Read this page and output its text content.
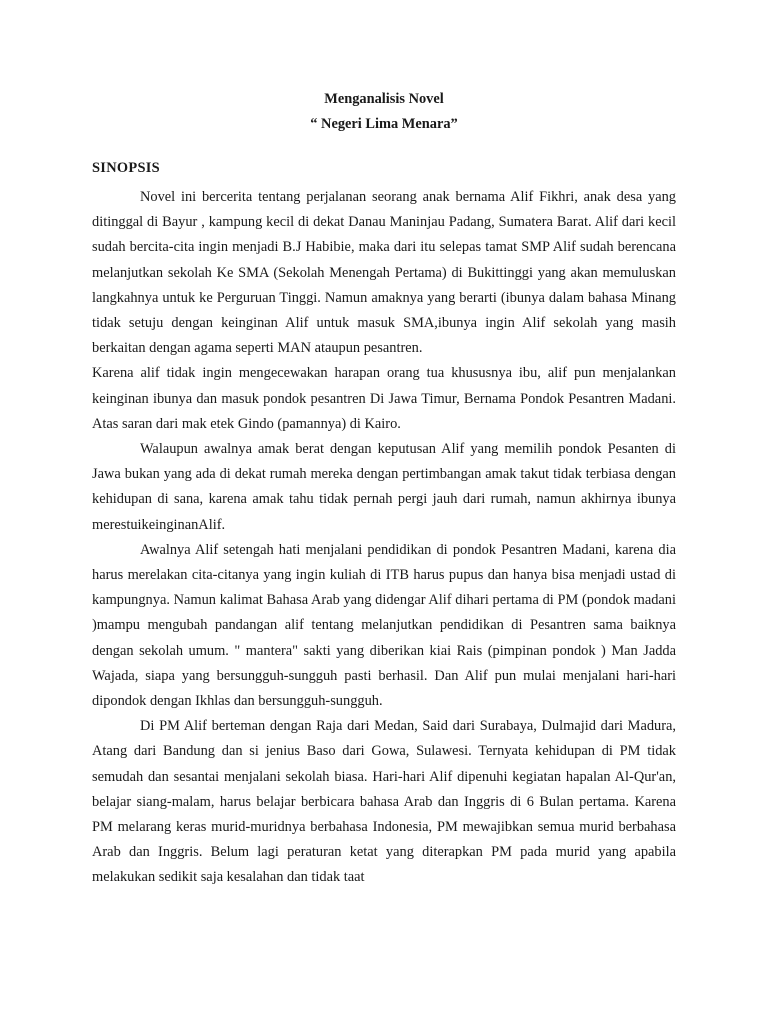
Menganalisis Novel
“ Negeri Lima Menara”
SINOPSIS

Novel ini bercerita tentang perjalanan seorang anak bernama Alif Fikhri, anak desa yang ditinggal di Bayur , kampung kecil di dekat Danau Maninjau Padang, Sumatera Barat. Alif dari kecil sudah bercita-cita ingin menjadi B.J Habibie, maka dari itu selepas tamat SMP Alif sudah berencana melanjutkan sekolah Ke SMA (Sekolah Menengah Pertama) di Bukittinggi yang akan memuluskan langkahnya untuk ke Perguruan Tinggi. Namun amaknya yang berarti (ibunya dalam bahasa Minang tidak setuju dengan keinginan Alif untuk masuk SMA,ibunya ingin Alif sekolah yang masih berkaitan dengan agama seperti MAN ataupun pesantren.

Karena alif tidak ingin mengecewakan harapan orang tua khususnya ibu, alif pun menjalankan keinginan ibunya dan masuk pondok pesantren Di Jawa Timur, Bernama Pondok Pesantren Madani. Atas saran dari mak etek Gindo (pamannya) di Kairo.

Walaupun awalnya amak berat dengan keputusan Alif yang memilih pondok Pesanten di Jawa bukan yang ada di dekat rumah mereka dengan pertimbangan amak takut tidak terbiasa dengan kehidupan di sana, karena amak tahu tidak pernah pergi jauh dari rumah, namun akhirnya ibunya merestuikeinginanAlif.

Awalnya Alif setengah hati menjalani pendidikan di pondok Pesantren Madani, karena dia harus merelakan cita-citanya yang ingin kuliah di ITB harus pupus dan hanya bisa menjadi ustad di kampungnya. Namun kalimat Bahasa Arab yang didengar Alif dihari pertama di PM (pondok madani )mampu mengubah pandangan alif tentang melanjutkan pendidikan di Pesantren sama baiknya dengan sekolah umum. " mantera" sakti yang diberikan kiai Rais (pimpinan pondok ) Man Jadda Wajada, siapa yang bersungguh-sungguh pasti berhasil. Dan Alif pun mulai menjalani hari-hari dipondok dengan Ikhlas dan bersungguh-sungguh.

Di PM Alif berteman dengan Raja dari Medan, Said dari Surabaya, Dulmajid dari Madura, Atang dari Bandung dan si jenius Baso dari Gowa, Sulawesi. Ternyata kehidupan di PM tidak semudah dan sesantai menjalani sekolah biasa. Hari-hari Alif dipenuhi kegiatan hapalan Al-Qur'an, belajar siang-malam, harus belajar berbicara bahasa Arab dan Inggris di 6 Bulan pertama. Karena PM melarang keras murid-muridnya berbahasa Indonesia, PM mewajibkan semua murid berbahasa Arab dan Inggris. Belum lagi peraturan ketat yang diterapkan PM pada murid yang apabila melakukan sedikit saja kesalahan dan tidak taat
